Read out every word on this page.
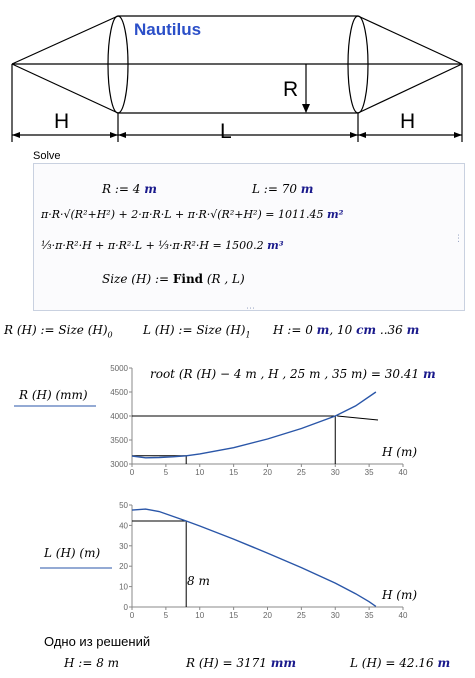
Nautilus
R
H	L	H
Solve
R := 4 m	L := 70 m
π·R·√(R²+H²) + 2·π·R·L + π·R·√(R²+H²) = 1011.45 m²
⅓·π·R²·H + π·R²·L + ⅓·π·R²·H = 1500.2 m³
Size (H) := Find (R , L)
⋮
⋯
R (H) := Size $(H)_0$	L (H) := Size $(H)_1$ H := 0 m, 10 cm ..36 m
0	5	10	15	20	25	30	35	40
3000
3500
4000
4500
5000 root (R (H) − 4 m , H , 25 m , 35 m) = 30.41 m
R (H) (mm)
H (m)
0	5	10	15	20	25	30	35	40
0
10
20
30
40
50
L (H) (m)
H (m)
8 m
Одно из решений
H := 8 m	R (H) = 3171 mm	L (H) = 42.16 m
